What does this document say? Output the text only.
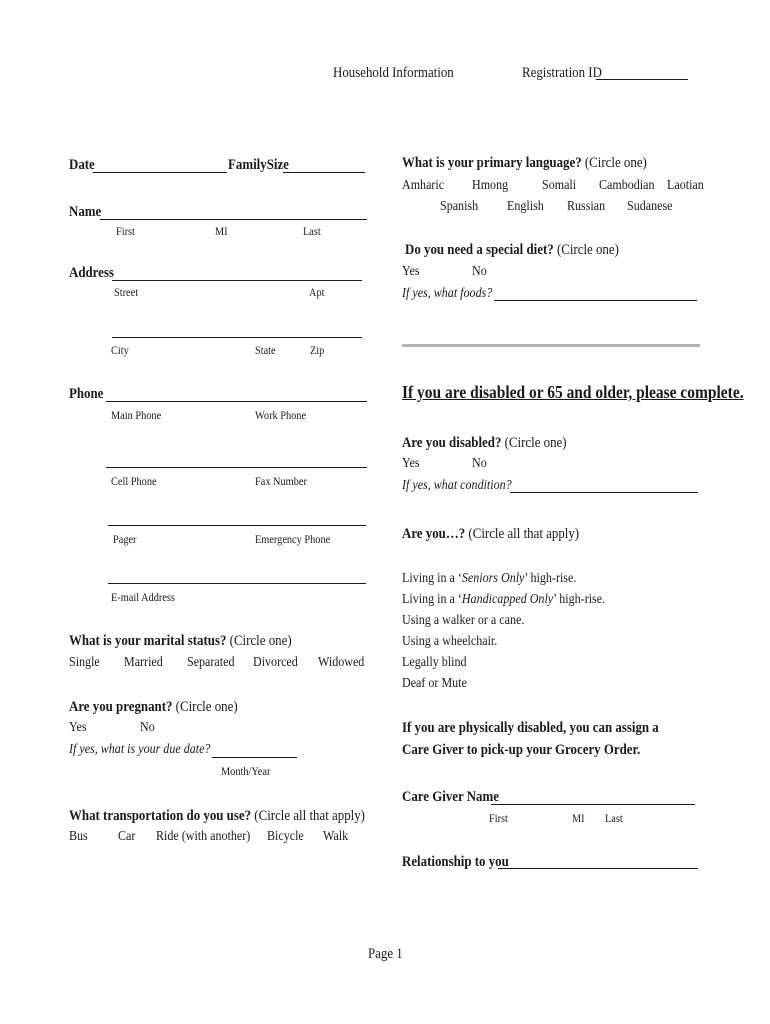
Household Information	Registration ID
Date	FamilySize
Name
First	MI	Last
Address
Street	Apt
City	State	Zip
Phone
Main Phone	Work Phone
Cell Phone	Fax Number
Pager	Emergency Phone
E-mail Address
What is your marital status? (Circle one)
Single Married Separated Divorced Widowed
Are you pregnant? (Circle one)
Yes	No
If yes, what is your due date?
Month/Year
What transportation do you use? (Circle all that apply)
Bus Car Ride (with another) Bicycle Walk
What is your primary language? (Circle one)
Amharic Hmong Somali Cambodian Laotian
Spanish English Russian Sudanese
Do you need a special diet? (Circle one)
Yes	No
If yes, what foods?
If you are disabled or 65 and older, please complete.
Are you disabled? (Circle one)
Yes	No
If yes, what condition?
Are you…? (Circle all that apply)
Living in a ‘Seniors Only’ high-rise.
Living in a ‘Handicapped Only’ high-rise.
Using a walker or a cane.
Using a wheelchair.
Legally blind
Deaf or Mute
If you are physically disabled, you can assign a
Care Giver to pick-up your Grocery Order.
Care Giver Name
First	MI Last
Relationship to you
Page 1
